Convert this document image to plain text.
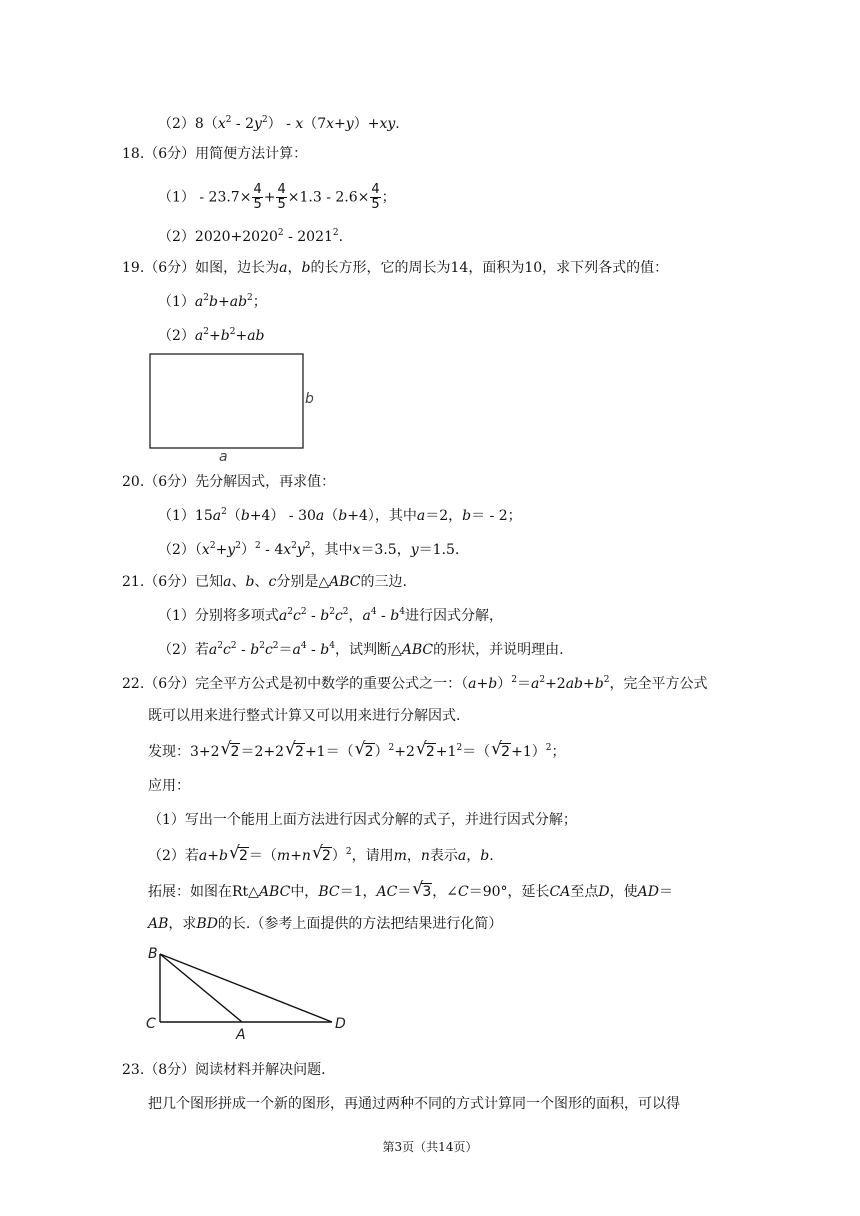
$(2)8(x^2 - 2y^2) - x(7x+y)+xy$.
18.（6分）用简便方法计算：
$(1) - 23.7\times \frac{4}{5} + \frac{4}{5} \times 1.3 - 2.6\times \frac{4}{5}$ ；
$(2)2020+2020^2 - 2021^2$.
19.（6分）如图，边长为a，b的长方形，它的周长为14，面积为10，求下列各式的值：
$(1)a^2b+ab^2$；
$(2)a^2+b^2+ab$
b
a
20.（6分）先分解因式，再求值：
$(1)15a^2(b+4) - 30a(b+4)$，其中a＝2，b＝ - 2；
$(2)(x^2+y^2)^2 - 4x^2y^2$，其中x＝3.5，y＝1.5.
21.（6分）已知a、b、c分别是△ABC的三边.
（1）分别将多项式$a^2c^2 - b^2c^2$，$a^4 - b^4$进行因式分解，
（2）若$a^2c^2 - b^2c^2=a^4 - b^4$，试判断△ABC的形状，并说明理由.
22.（6分）完全平方公式是初中数学的重要公式之一：$(a+b)^2=a^2+2ab+b^2$，完全平方公式
既可以用来进行整式计算又可以用来进行分解因式.
发现：3+2√ 2＝2+2√ 2+1＝（√ 2）$^2$+2√ $2+1^2=(√$ 2+1）$^2$；
应用：
（1）写出一个能用上面方法进行因式分解的式子，并进行因式分解；
（2）若a+b√ 2＝（m+n√ 2）$^2$，请用m，n表示a，b.
拓展：如图在Rt△ABC中，BC＝1，AC＝√ 3，∠C＝90°，延长CA至点D，使AD＝
AB，求BD的长.（参考上面提供的方法把结果进行化简）
B
C
A
D
23.（8分）阅读材料并解决问题.
把几个图形拼成一个新的图形，再通过两种不同的方式计算同一个图形的面积，可以得
第3页（共14页）
